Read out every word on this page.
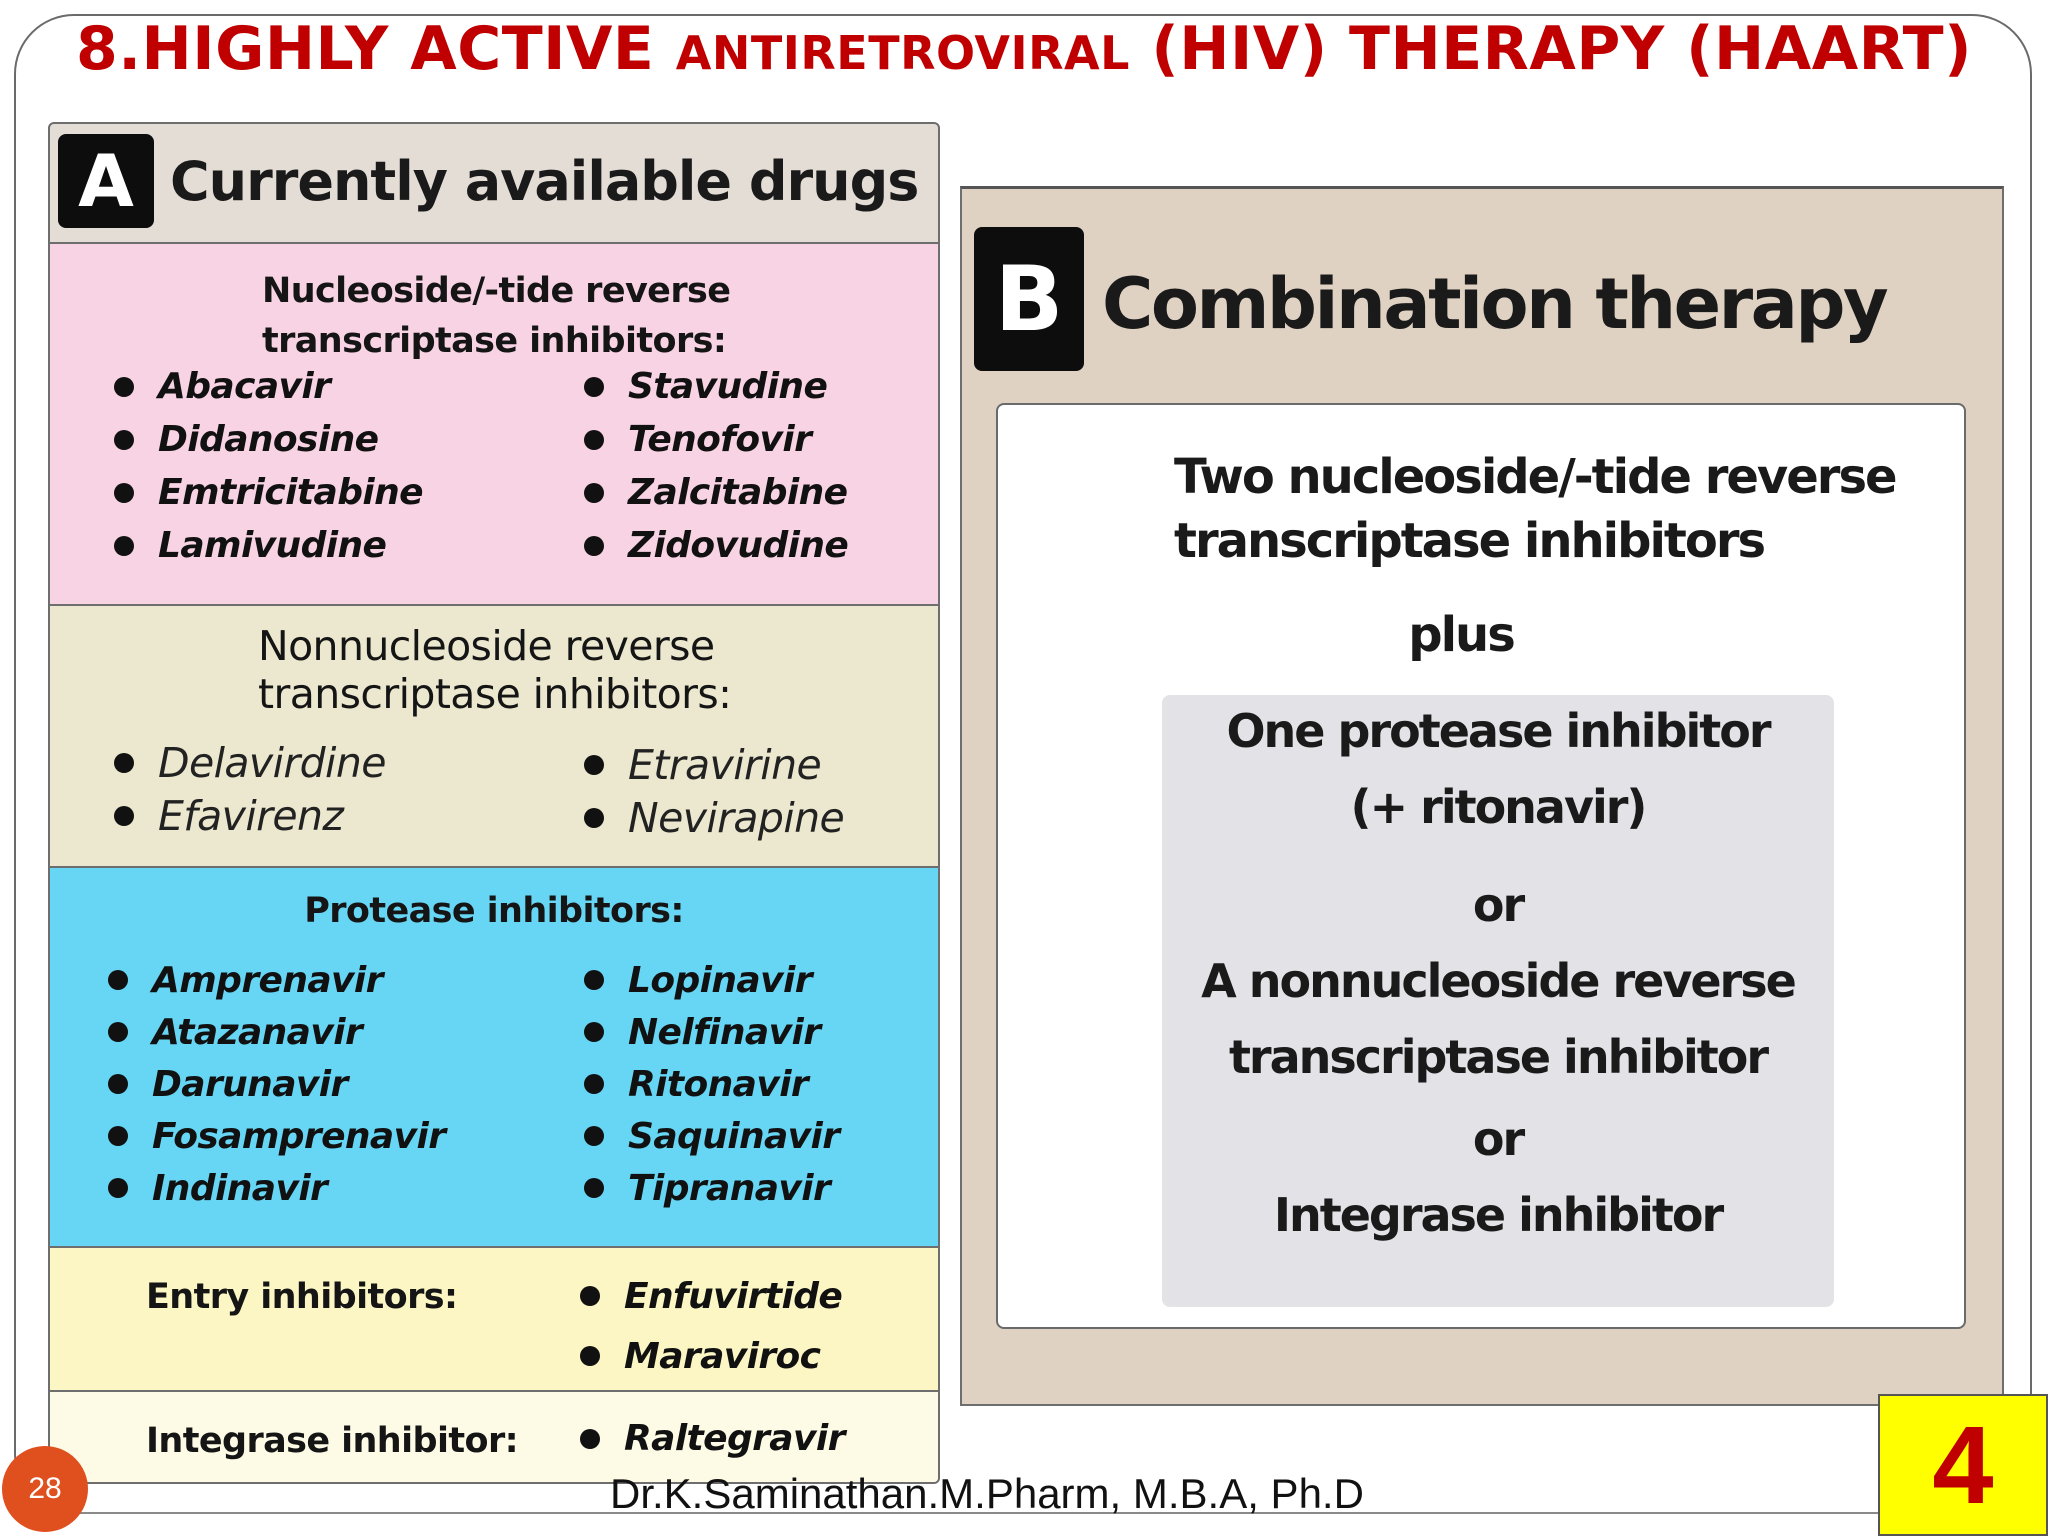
8.HIGHLY ACTIVE ANTIRETROVIRAL (HIV) THERAPY (HAART)
A Currently available drugs
Nucleoside/-tide reverse
transcriptase inhibitors:
Abacavir
Didanosine
Emtricitabine
Lamivudine
Stavudine
Tenofovir
Zalcitabine
Zidovudine
Nonnucleoside reverse
transcriptase inhibitors:
Delavirdine
Efavirenz
Etravirine
Nevirapine
Protease inhibitors:
Amprenavir
Atazanavir
Darunavir
Fosamprenavir
Indinavir
Lopinavir
Nelfinavir
Ritonavir
Saquinavir
Tipranavir
Entry inhibitors:	Enfuvirtide
Maraviroc
Integrase inhibitor:	Raltegravir
B Combination therapy
Two nucleoside/-tide reverse
transcriptase inhibitors
plus
One protease inhibitor
(+ ritonavir)
or
A nonnucleoside reverse
transcriptase inhibitor
or
Integrase inhibitor
28	Dr.K.Saminathan.M.Pharm, M.B.A, Ph.D	4
